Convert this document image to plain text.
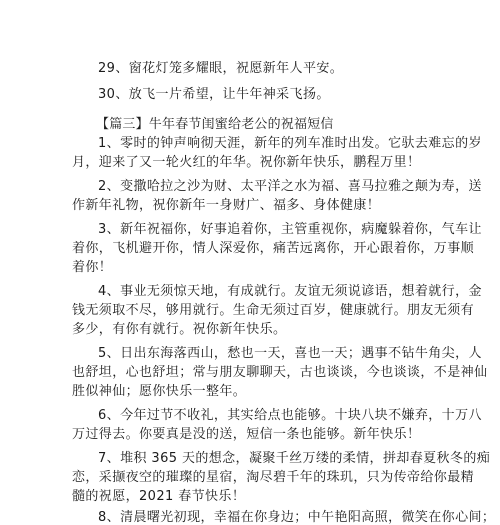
29、窗花灯笼多耀眼，祝愿新年人平安。
30、放飞一片希望，让牛年神采飞扬。
【篇三】牛年春节闺蜜给老公的祝福短信
1、零时的钟声响彻天涯，新年的列车准时出发。它驮去难忘的岁
月，迎来了又一轮火红的年华。祝你新年快乐，鹏程万里！
2、变撒哈拉之沙为财、太平洋之水为福、喜马拉雅之颠为寿，送
作新年礼物，祝你新年一身财广、福多、身体健康！
3、新年祝福你，好事追着你，主管重视你，病魔躲着你，气车让
着你，飞机避开你，情人深爱你，痛苦远离你，开心跟着你，万事顺
着你！
4、事业无须惊天地，有成就行。友谊无须说谚语，想着就行，金
钱无须取不尽，够用就行。生命无须过百岁，健康就行。朋友无须有
多少，有你有就行。祝你新年快乐。
5、日出东海落西山，愁也一天，喜也一天；遇事不钻牛角尖，人
也舒坦，心也舒坦；常与朋友聊聊天，古也谈谈，今也谈谈，不是神仙
胜似神仙；愿你快乐一整年。
6、今年过节不收礼，其实给点也能够。十块八块不嫌弃，十万八
万过得去。你要真是没的送，短信一条也能够。新年快乐！
7、堆积 365 天的想念，凝聚千丝万缕的柔情，拼却春夏秋冬的痴
恋，采撷夜空的璀璨的星宿，淘尽碧千年的珠玑，只为传帝给你最精
髓的祝愿，2021 春节快乐！
8、清晨曙光初现，幸福在你身边；中午艳阳高照，微笑在你心间；
